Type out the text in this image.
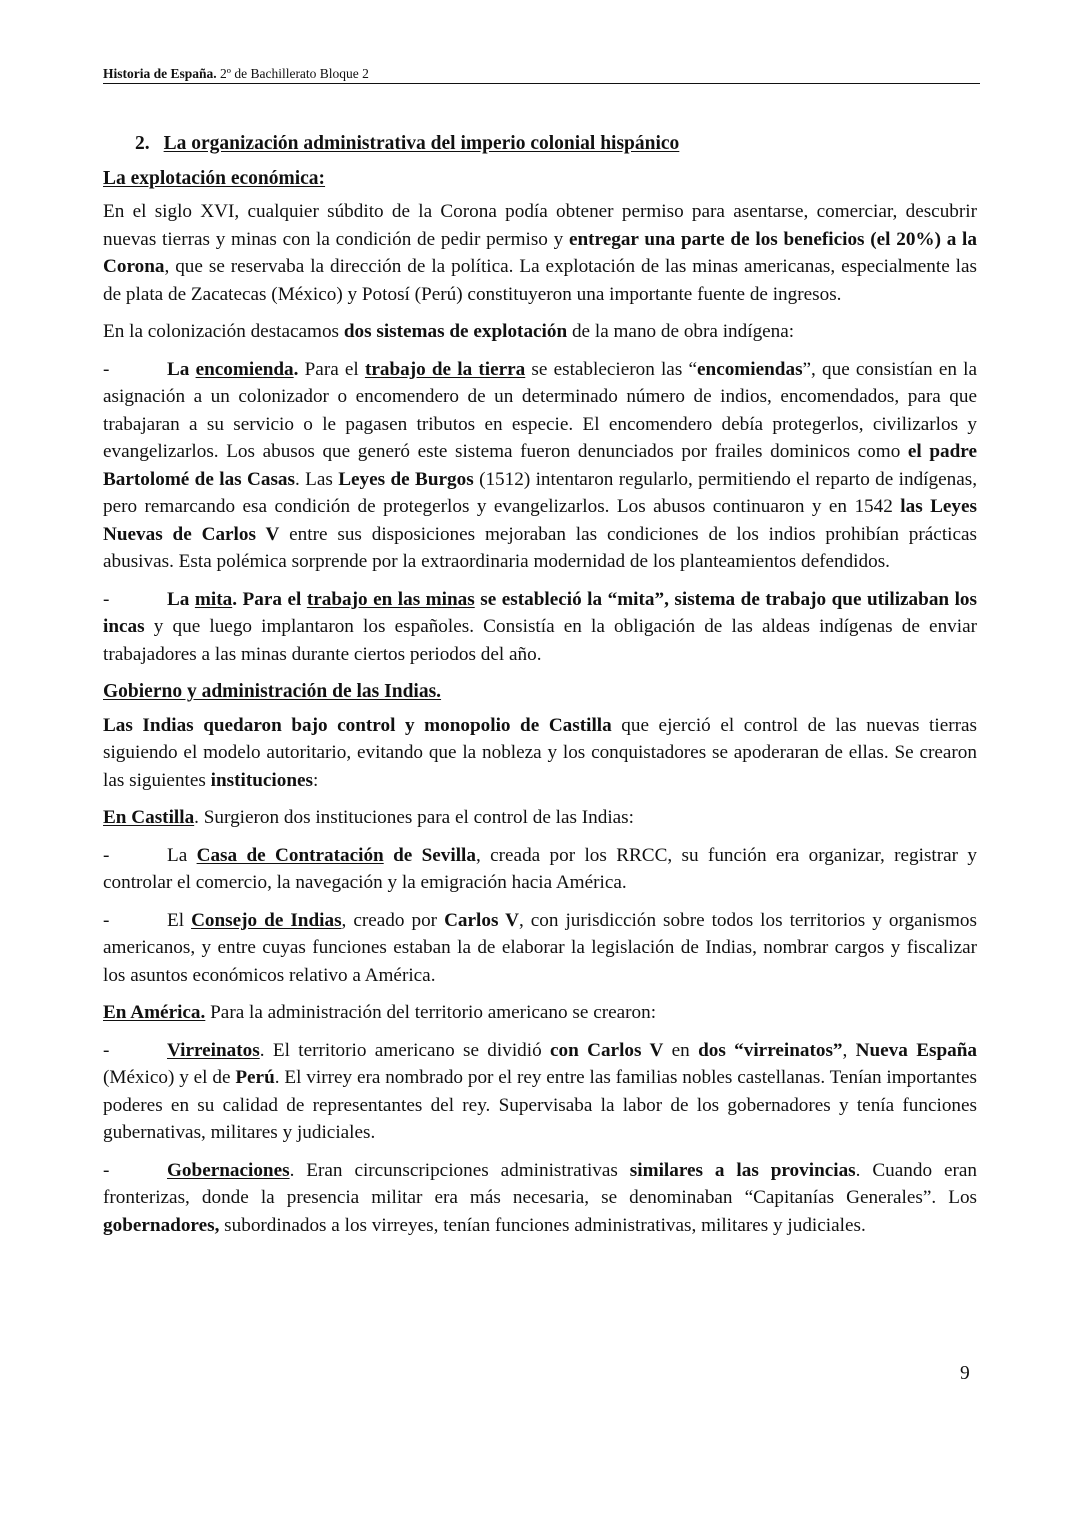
Historia de España. 2º de Bachillerato Bloque 2
2. La organización administrativa del imperio colonial hispánico
La explotación económica:

En el siglo XVI, cualquier súbdito de la Corona podía obtener permiso para asentarse, comerciar, descubrir nuevas tierras y minas con la condición de pedir permiso y entregar una parte de los beneficios (el 20%) a la Corona, que se reservaba la dirección de la política. La explotación de las minas americanas, especialmente las de plata de Zacatecas (México) y Potosí (Perú) constituyeron una importante fuente de ingresos.

En la colonización destacamos dos sistemas de explotación de la mano de obra indígena:

-	La encomienda. Para el trabajo de la tierra se establecieron las “encomiendas”, que consistían en la asignación a un colonizador o encomendero de un determinado número de indios, encomendados, para que trabajaran a su servicio o le pagasen tributos en especie. El encomendero debía protegerlos, civilizarlos y evangelizarlos. Los abusos que generó este sistema fueron denunciados por frailes dominicos como el padre Bartolomé de las Casas. Las Leyes de Burgos (1512) intentaron regularlo, permitiendo el reparto de indígenas, pero remarcando esa condición de protegerlos y evangelizarlos. Los abusos continuaron y en 1542 las Leyes Nuevas de Carlos V entre sus disposiciones mejoraban las condiciones de los indios prohibían prácticas abusivas. Esta polémica sorprende por la extraordinaria modernidad de los planteamientos defendidos.

-	La mita. Para el trabajo en las minas se estableció la “mita”, sistema de trabajo que utilizaban los incas y que luego implantaron los españoles. Consistía en la obligación de las aldeas indígenas de enviar trabajadores a las minas durante ciertos periodos del año.

Gobierno y administración de las Indias.

Las Indias quedaron bajo control y monopolio de Castilla que ejerció el control de las nuevas tierras siguiendo el modelo autoritario, evitando que la nobleza y los conquistadores se apoderaran de ellas. Se crearon las siguientes instituciones:

En Castilla. Surgieron dos instituciones para el control de las Indias:

-	La Casa de Contratación de Sevilla, creada por los RRCC, su función era organizar, registrar y controlar el comercio, la navegación y la emigración hacia América.

-	El Consejo de Indias, creado por Carlos V, con jurisdicción sobre todos los territorios y organismos americanos, y entre cuyas funciones estaban la de elaborar la legislación de Indias, nombrar cargos y fiscalizar los asuntos económicos relativo a América.

En América. Para la administración del territorio americano se crearon:

-	Virreinatos. El territorio americano se dividió con Carlos V en dos “virreinatos”, Nueva España (México) y el de Perú. El virrey era nombrado por el rey entre las familias nobles castellanas. Tenían importantes poderes en su calidad de representantes del rey. Supervisaba la labor de los gobernadores y tenía funciones gubernativas, militares y judiciales.

-	Gobernaciones. Eran circunscripciones administrativas similares a las provincias. Cuando eran fronterizas, donde la presencia militar era más necesaria, se denominaban “Capitanías Generales”. Los gobernadores, subordinados a los virreyes, tenían funciones administrativas, militares y judiciales.

9
